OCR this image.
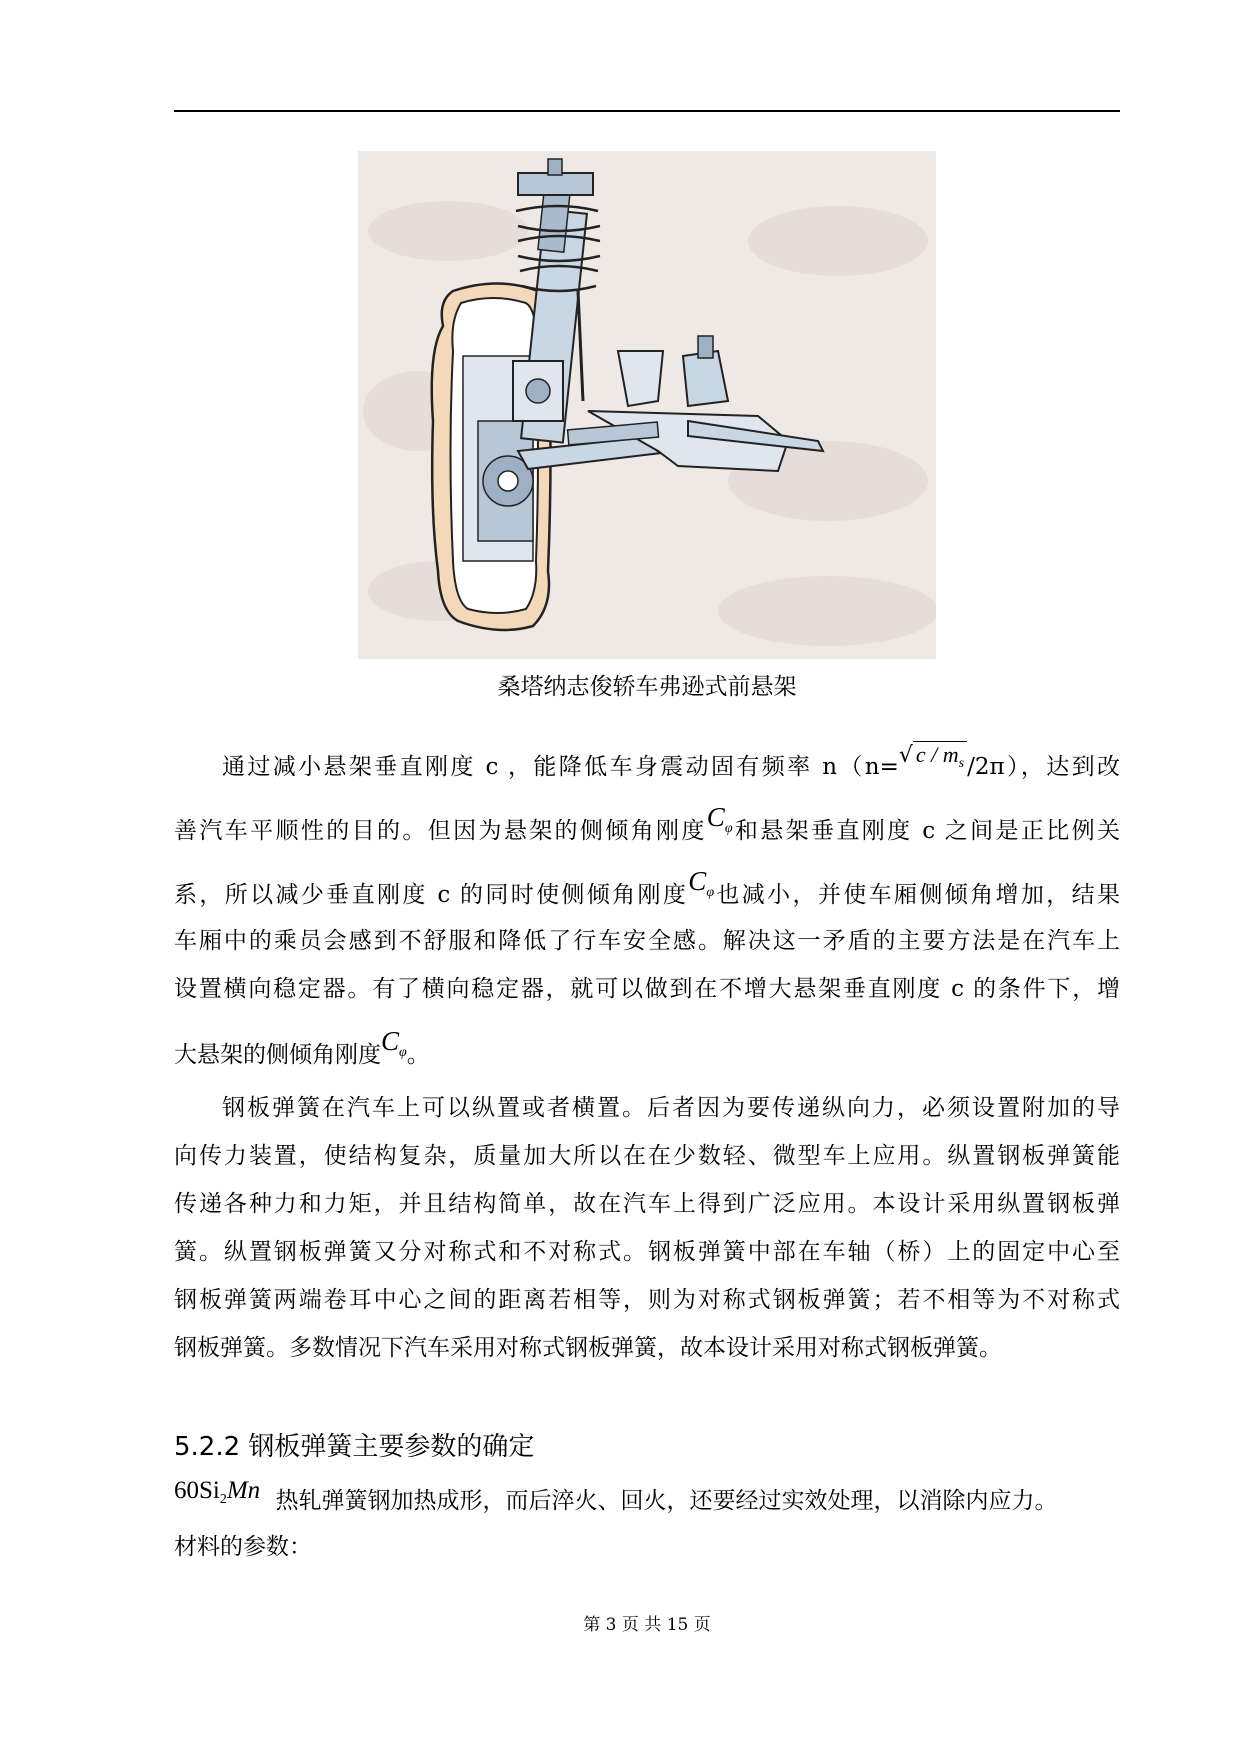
桑塔纳志俊轿车弗逊式前悬架
通过减小悬架垂直刚度 c ，能降低车身震动固有频率 n（n=√ c / $m_s$ /2π），达到改
善汽车平顺性的目的。但因为悬架的侧倾角刚度$C_\varphi$和悬架垂直刚度 c 之间是正比例关
系，所以减少垂直刚度 c 的同时使侧倾角刚度$C_\varphi$也减小，并使车厢侧倾角增加，结果
车厢中的乘员会感到不舒服和降低了行车安全感。解决这一矛盾的主要方法是在汽车上
设置横向稳定器。有了横向稳定器，就可以做到在不增大悬架垂直刚度 c 的条件下，增
大悬架的侧倾角刚度$C_\varphi$。
钢板弹簧在汽车上可以纵置或者横置。后者因为要传递纵向力，必须设置附加的导
向传力装置，使结构复杂，质量加大所以在在少数轻、微型车上应用。纵置钢板弹簧能
传递各种力和力矩，并且结构简单，故在汽车上得到广泛应用。本设计采用纵置钢板弹
簧。纵置钢板弹簧又分对称式和不对称式。钢板弹簧中部在车轴（桥）上的固定中心至
钢板弹簧两端卷耳中心之间的距离若相等，则为对称式钢板弹簧；若不相等为不对称式
钢板弹簧。多数情况下汽车采用对称式钢板弹簧，故本设计采用对称式钢板弹簧。
5.2.2 钢板弹簧主要参数的确定
$60Si_2Mn$ 热轧弹簧钢加热成形，而后淬火、回火，还要经过实效处理，以消除内应力。
材料的参数：
第 3 页 共 15 页
